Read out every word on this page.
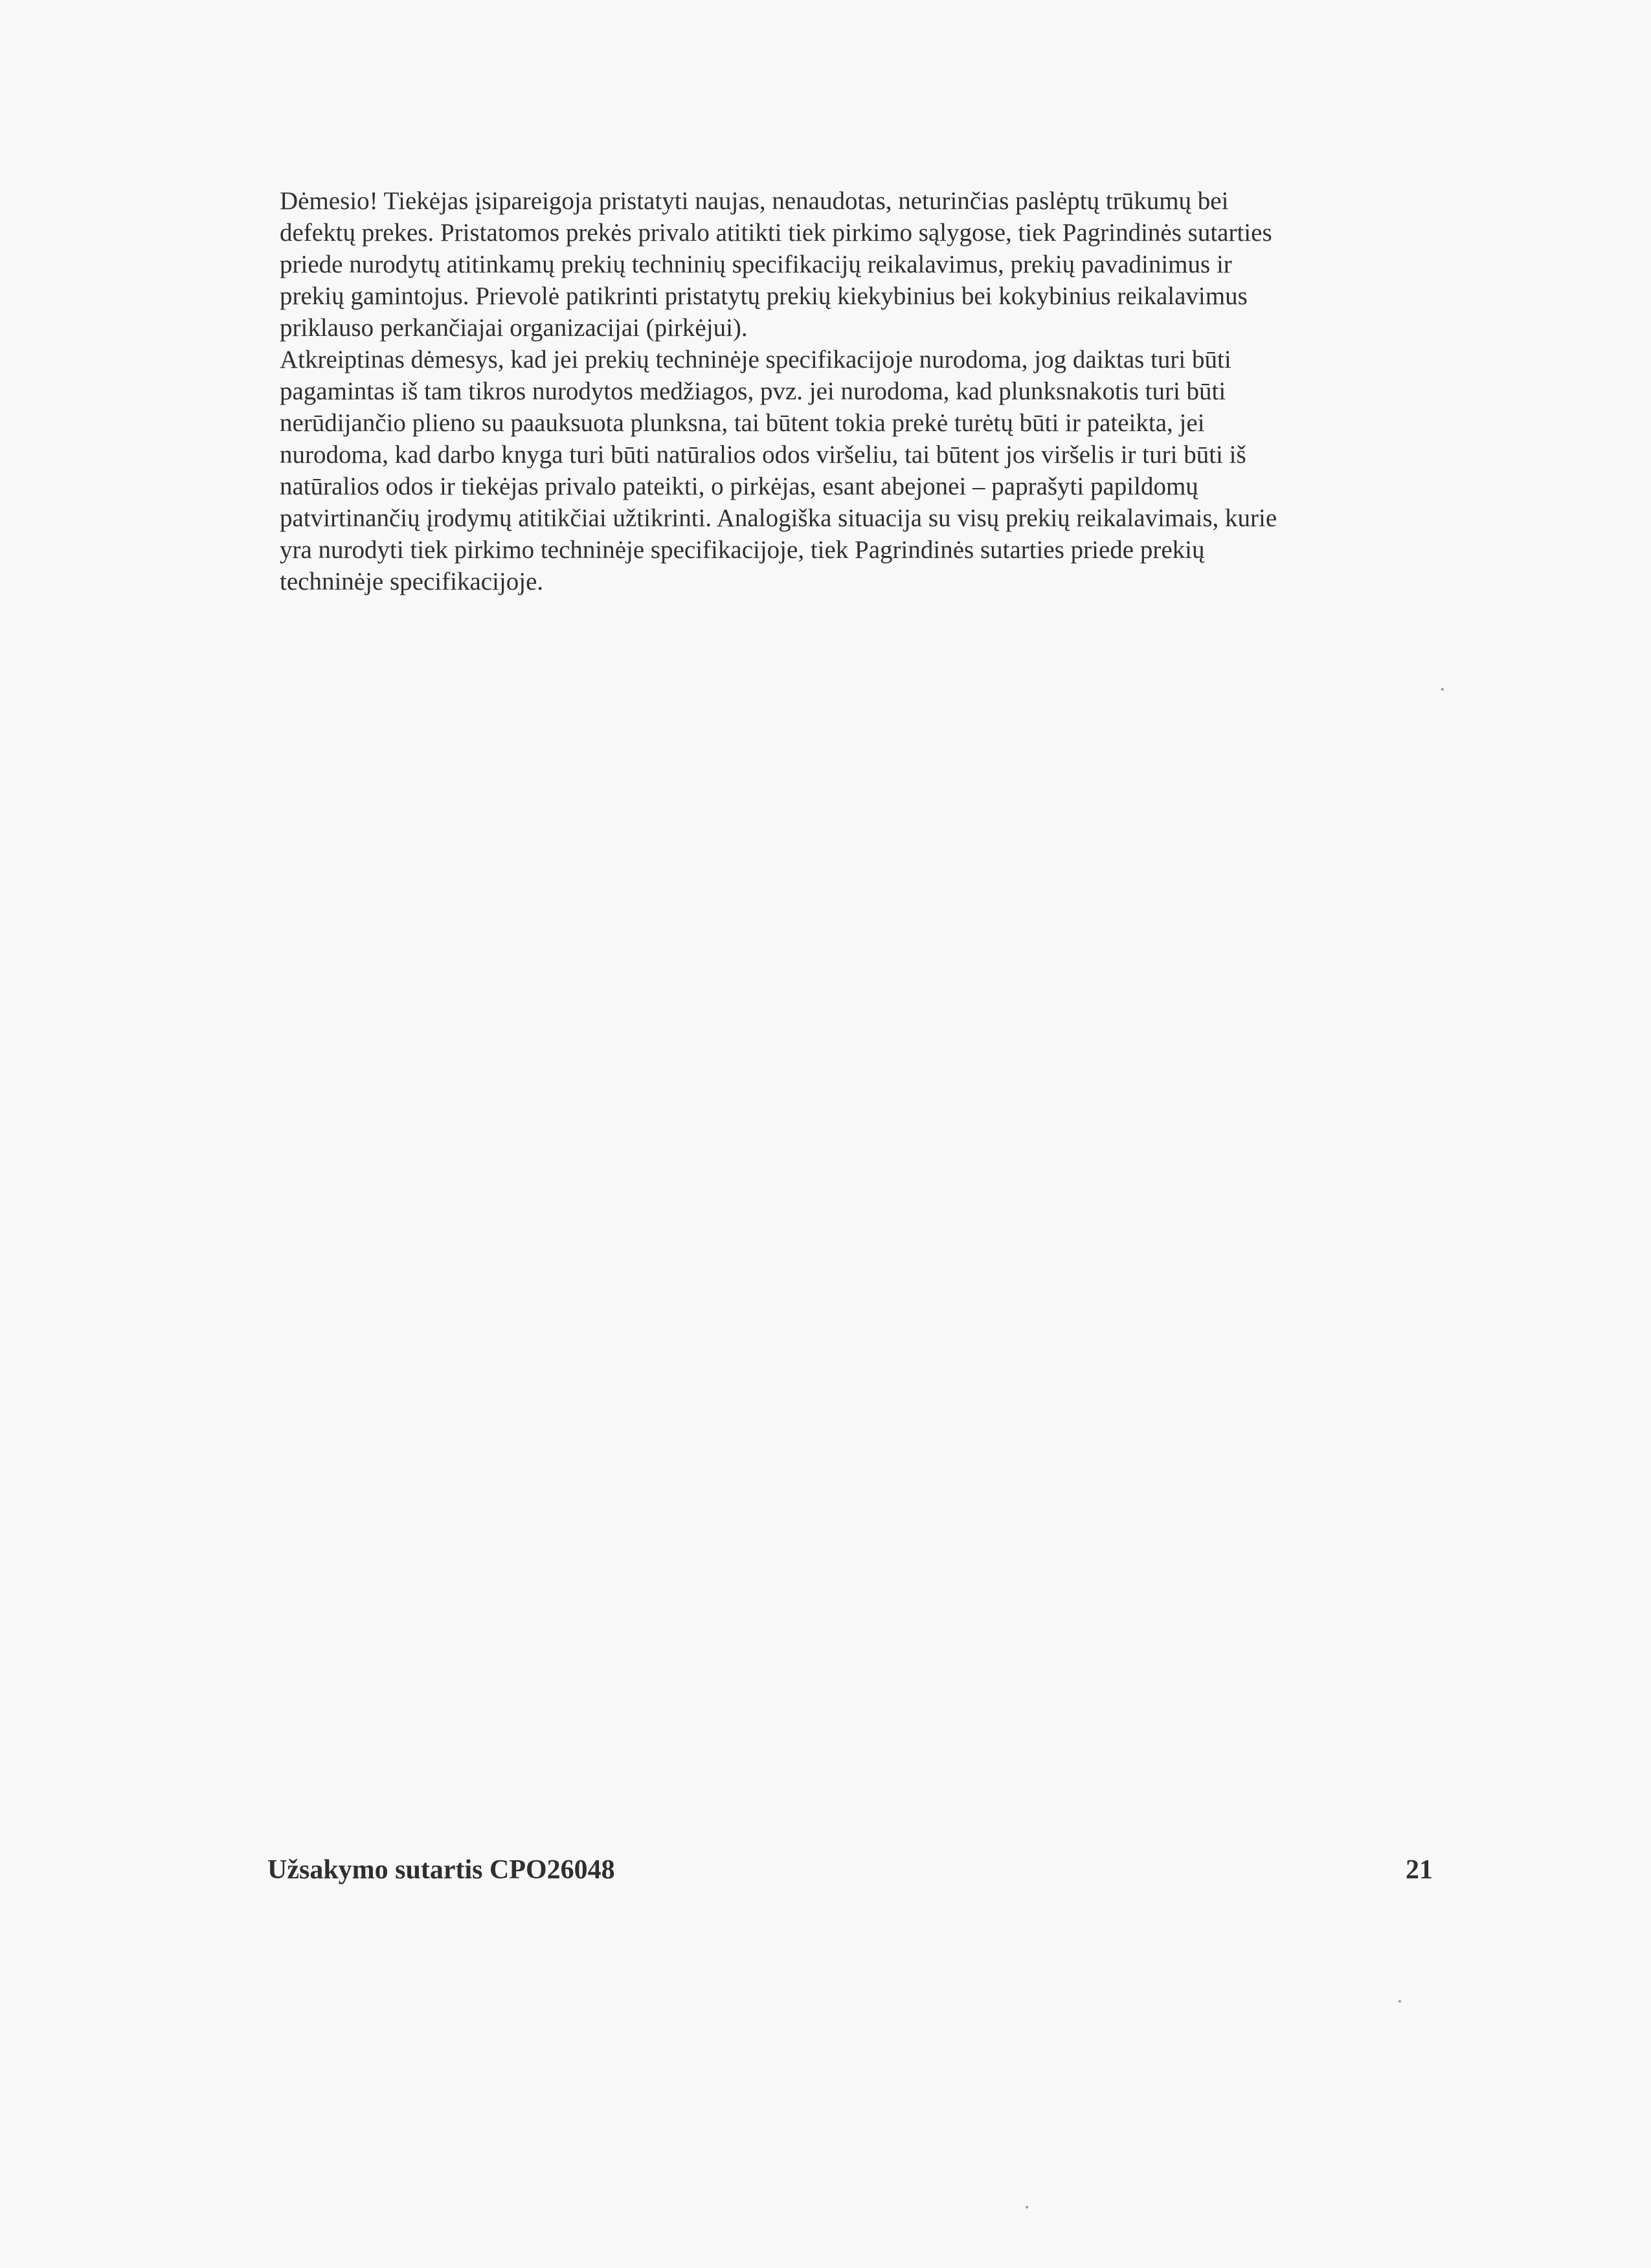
Dėmesio! Tiekėjas įsipareigoja pristatyti naujas, nenaudotas, neturinčias paslėptų trūkumų bei
defektų prekes. Pristatomos prekės privalo atitikti tiek pirkimo sąlygose, tiek Pagrindinės sutarties
priede nurodytų atitinkamų prekių techninių specifikacijų reikalavimus, prekių pavadinimus ir
prekių gamintojus. Prievolė patikrinti pristatytų prekių kiekybinius bei kokybinius reikalavimus
priklauso perkančiajai organizacijai (pirkėjui).

Atkreiptinas dėmesys, kad jei prekių techninėje specifikacijoje nurodoma, jog daiktas turi būti
pagamintas iš tam tikros nurodytos medžiagos, pvz. jei nurodoma, kad plunksnakotis turi būti
nerūdijančio plieno su paauksuota plunksna, tai būtent tokia prekė turėtų būti ir pateikta, jei
nurodoma, kad darbo knyga turi būti natūralios odos viršeliu, tai būtent jos viršelis ir turi būti iš
natūralios odos ir tiekėjas privalo pateikti, o pirkėjas, esant abejonei – paprašyti papildomų
patvirtinančių įrodymų atitikčiai užtikrinti. Analogiška situacija su visų prekių reikalavimais, kurie
yra nurodyti tiek pirkimo techninėje specifikacijoje, tiek Pagrindinės sutarties priede prekių
techninėje specifikacijoje.

Užsakymo sutartis CPO26048	21
